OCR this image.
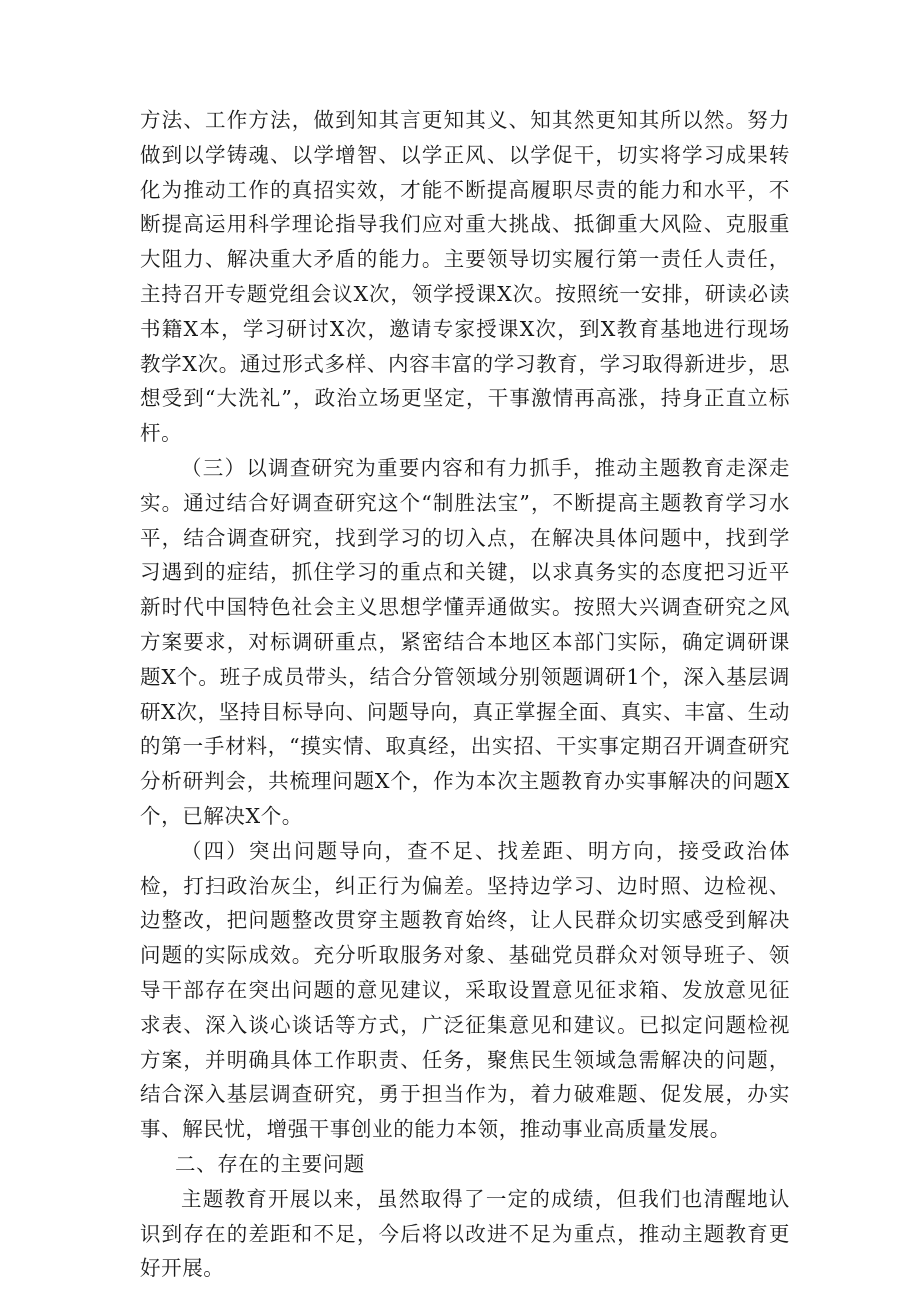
方法、工作方法，做到知其言更知其义、知其然更知其所以然。努力做到以学铸魂、以学增智、以学正风、以学促干，切实将学习成果转化为推动工作的真招实效，才能不断提高履职尽责的能力和水平，不断提高运用科学理论指导我们应对重大挑战、抵御重大风险、克服重大阻力、解决重大矛盾的能力。主要领导切实履行第一责任人责任，主持召开专题党组会议X次，领学授课X次。按照统一安排，研读必读书籍X本，学习研讨X次，邀请专家授课X次，到X教育基地进行现场教学X次。通过形式多样、内容丰富的学习教育，学习取得新进步，思想受到“大洗礼”，政治立场更坚定，干事激情再高涨，持身正直立标杆。

（三）以调查研究为重要内容和有力抓手，推动主题教育走深走实。通过结合好调查研究这个“制胜法宝”，不断提高主题教育学习水平，结合调查研究，找到学习的切入点，在解决具体问题中，找到学习遇到的症结，抓住学习的重点和关键，以求真务实的态度把习近平新时代中国特色社会主义思想学懂弄通做实。按照大兴调查研究之风方案要求，对标调研重点，紧密结合本地区本部门实际，确定调研课题X个。班子成员带头，结合分管领域分别领题调研1个，深入基层调研X次，坚持目标导向、问题导向，真正掌握全面、真实、丰富、生动的第一手材料，“摸实情、取真经，出实招、干实事定期召开调查研究分析研判会，共梳理问题X个，作为本次主题教育办实事解决的问题X个，已解决X个。

（四）突出问题导向，查不足、找差距、明方向，接受政治体检，打扫政治灰尘，纠正行为偏差。坚持边学习、边时照、边检视、边整改，把问题整改贯穿主题教育始终，让人民群众切实感受到解决问题的实际成效。充分听取服务对象、基础党员群众对领导班子、领导干部存在突出问题的意见建议，采取设置意见征求箱、发放意见征求表、深入谈心谈话等方式，广泛征集意见和建议。已拟定问题检视方案，并明确具体工作职责、任务，聚焦民生领域急需解决的问题，结合深入基层调查研究，勇于担当作为，着力破难题、促发展，办实事、解民忧，增强干事创业的能力本领，推动事业高质量发展。

二、存在的主要问题

主题教育开展以来，虽然取得了一定的成绩，但我们也清醒地认识到存在的差距和不足，今后将以改进不足为重点，推动主题教育更好开展。
